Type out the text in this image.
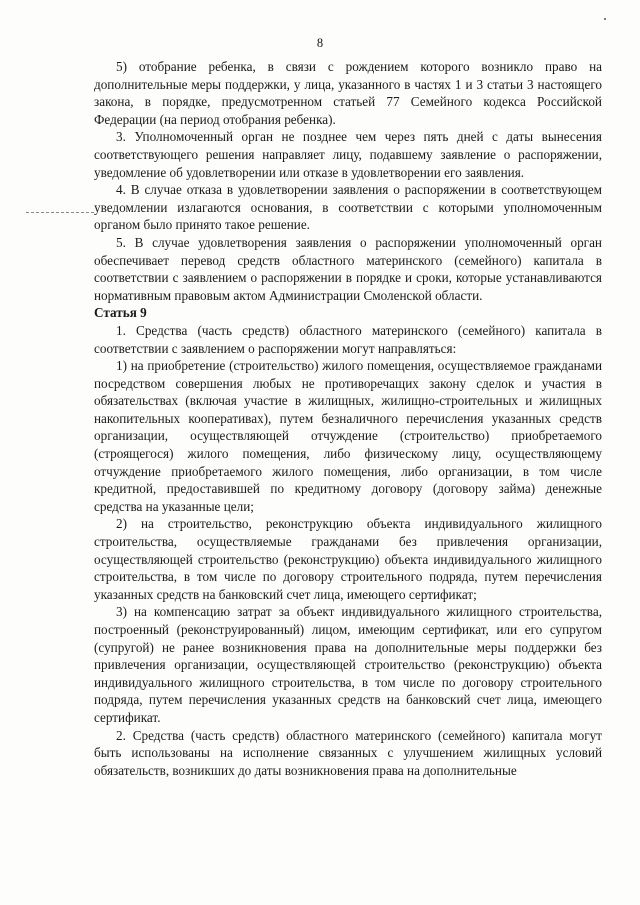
8

5) отобрание ребенка, в связи с рождением которого возникло право на дополнительные меры поддержки, у лица, указанного в частях 1 и 3 статьи 3 настоящего закона, в порядке, предусмотренном статьей 77 Семейного кодекса Российской Федерации (на период отобрания ребенка).

3. Уполномоченный орган не позднее чем через пять дней с даты вынесения соответствующего решения направляет лицу, подавшему заявление о распоряжении, уведомление об удовлетворении или отказе в удовлетворении его заявления.

4. В случае отказа в удовлетворении заявления о распоряжении в соответствующем уведомлении излагаются основания, в соответствии с которыми уполномоченным органом было принято такое решение.

5. В случае удовлетворения заявления о распоряжении уполномоченный орган обеспечивает перевод средств областного материнского (семейного) капитала в соответствии с заявлением о распоряжении в порядке и сроки, которые устанавливаются нормативным правовым актом Администрации Смоленской области.

Статья 9

1. Средства (часть средств) областного материнского (семейного) капитала в соответствии с заявлением о распоряжении могут направляться:

1) на приобретение (строительство) жилого помещения, осуществляемое гражданами посредством совершения любых не противоречащих закону сделок и участия в обязательствах (включая участие в жилищных, жилищно-строительных и жилищных накопительных кооперативах), путем безналичного перечисления указанных средств организации, осуществляющей отчуждение (строительство) приобретаемого (строящегося) жилого помещения, либо физическому лицу, осуществляющему отчуждение приобретаемого жилого помещения, либо организации, в том числе кредитной, предоставившей по кредитному договору (договору займа) денежные средства на указанные цели;

2) на строительство, реконструкцию объекта индивидуального жилищного строительства, осуществляемые гражданами без привлечения организации, осуществляющей строительство (реконструкцию) объекта индивидуального жилищного строительства, в том числе по договору строительного подряда, путем перечисления указанных средств на банковский счет лица, имеющего сертификат;

3) на компенсацию затрат за объект индивидуального жилищного строительства, построенный (реконструированный) лицом, имеющим сертификат, или его супругом (супругой) не ранее возникновения права на дополнительные меры поддержки без привлечения организации, осуществляющей строительство (реконструкцию) объекта индивидуального жилищного строительства, в том числе по договору строительного подряда, путем перечисления указанных средств на банковский счет лица, имеющего сертификат.

2. Средства (часть средств) областного материнского (семейного) капитала могут быть использованы на исполнение связанных с улучшением жилищных условий обязательств, возникших до даты возникновения права на дополнительные
